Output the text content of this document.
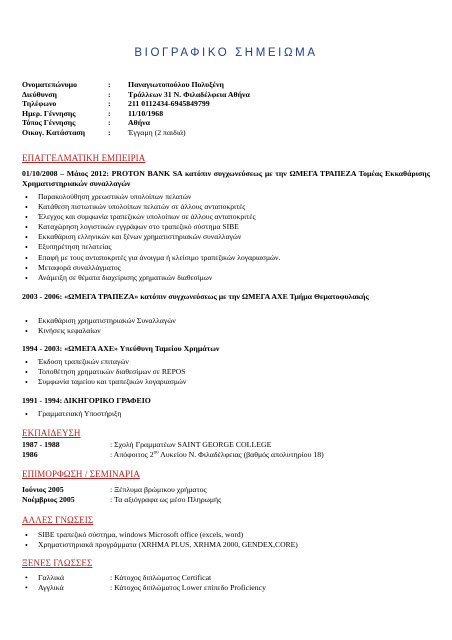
ΒΙΟΓΡΑΦΙΚΟ ΣΗΜΕΙΩΜΑ
Ονοματεπώνυμο	:	Παναγιωτοπούλου Πολυξένη
Διεύθυνση	:	Τράλλεων 31 Ν. Φιλαδέλφεια Αθήνα
Τηλέφωνο	:	211 0112434-6945849799
Ημερ. Γέννησης	:	11/10/1968
Τόπος Γέννησης	:	Αθήνα
Οικογ. Κατάσταση	:	Έγγαμη (2 παιδιά)
ΕΠΑΓΓΕΛΜΑΤΙΚΗ ΕΜΠΕΙΡΙΑ
01/10/2008 – Μάιος 2012: PROTON BANK SA κατόπιν συγχωνεύσεως με την ΩΜΕΓΑ ΤΡΑΠΕΖΑ Τομέας Εκκαθάρισης Χρηματιστηριακών συναλλαγών
• Παρακολούθηση χρεωστικών υπολοίπων πελατών
• Κατάθεση πιστωτικών υπολοίπων πελατών σε άλλους ανταποκριτές
• Έλεγχος και συμφωνία τραπεζικών υπολοίπων σε άλλους ανταποκριτές
• Καταχώρηση λογιστικών εγγράφων στο τραπεζικό σύστημα SIBE
• Εκκαθάριση ελληνικών και ξένων χρηματιστηριακών συναλλαγών
• Εξυπηρέτηση πελατείας
• Επαφή με τους ανταποκριτές για άνοιγμα ή κλείσιμο τραπεζικών λογαριασμών.
• Μεταφορά συναλλάγματος
• Ανάμειξη σε θέματα διαχείρισης χρηματικών διαθεσίμων
2003 - 2006: «ΩΜΕΓΑ ΤΡΑΠΕΖΑ» κατόπιν συγχωνεύσεως με την ΩΜΕΓΑ ΑΧΕ Τμήμα Θεματοφυλακής
• Εκκαθάριση χρηματιστηριακών Συναλλαγών
• Κινήσεις κεφαλαίων
1994 - 2003: «ΩΜΕΓΑ ΑΧΕ» Υπεύθυνη Ταμείου Χρημάτων
• Έκδοση τραπεζικών επιταγών
• Τοποθέτηση χρηματικών διαθεσίμων σε REPOS
• Συμφωνία ταμείου και τραπεζικών λογαριασμών
1991 - 1994: ΔΙΚΗΓΟΡΙΚΟ ΓΡΑΦΕΙΟ
• Γραμματειακή Υποστήριξη
ΕΚΠΑΙΔΕΥΣΗ
1987 - 1988	: Σχολή Γραμματέων SAINT GEORGE COLLEGE
1986	: Απόφοιτος $2^{o\upsilon}$ Λυκείου Ν. Φιλαδέλφειας (βαθμός απολυτηρίου 18)
ΕΠΙΜΟΡΦΩΣΗ / ΣΕΜΙΝΑΡΙΑ
Ιούνιος 2005	: Ξέπλυμα βρώμικου χρήματος
Νοέμβριος 2005	: Τα αξιόγραφα ως μέσο Πληρωμής
ΑΛΛΕΣ ΓΝΩΣΕΙΣ
• SIBE τραπεζικό σύστημα, windows Microsoft office (excels, word)
• Χρηματιστηριακά προγράμματα (XRHMA PLUS, XRHMA 2000, GENDEX,CORE)
ΞΕΝΕΣ ΓΛΩΣΣΕΣ
• Γαλλικά	: Κάτοχος διπλώματος Certificat
• Αγγλικά	: Κάτοχος διπλώματος Lower επίπεδο Proficiency
